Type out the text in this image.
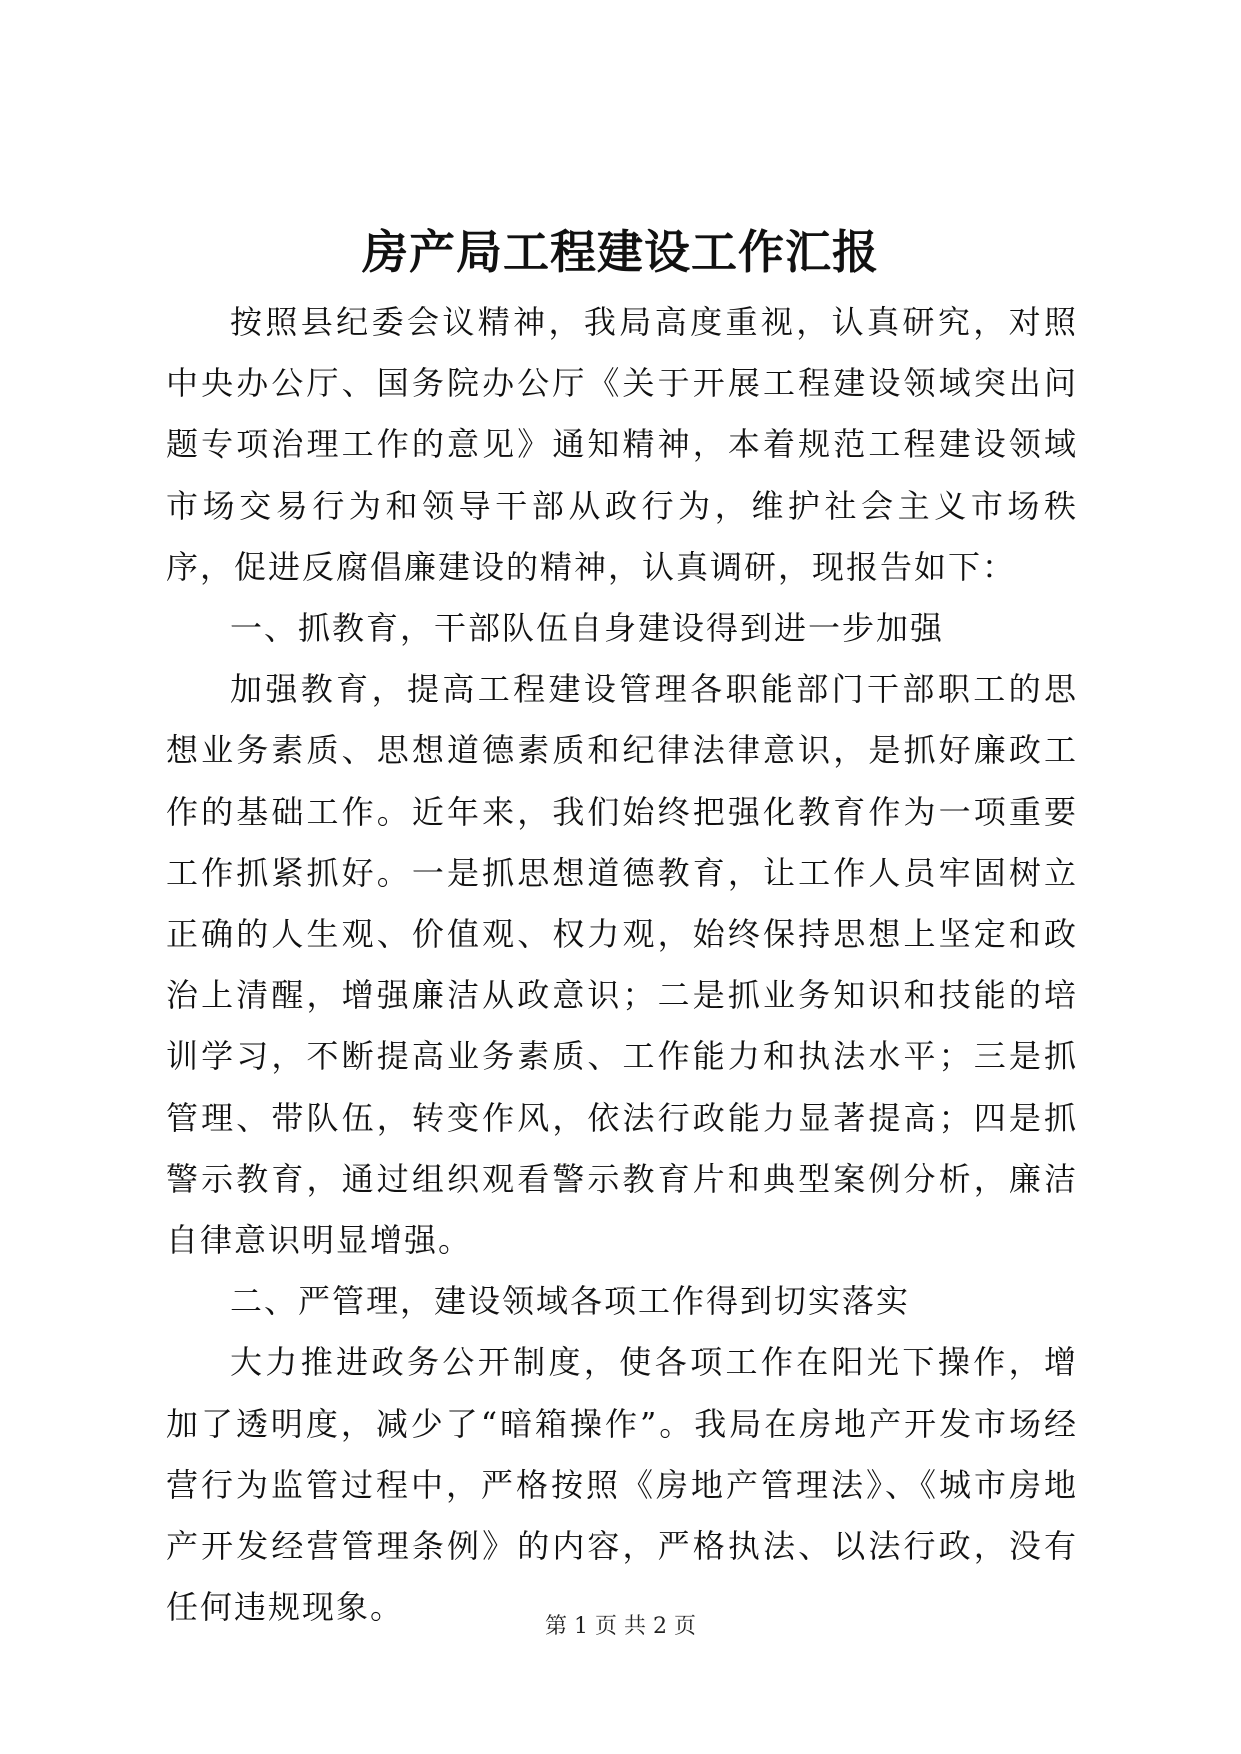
房产局工程建设工作汇报

按照县纪委会议精神，我局高度重视，认真研究，对照中央办公厅、国务院办公厅《关于开展工程建设领域突出问题专项治理工作的意见》通知精神，本着规范工程建设领域市场交易行为和领导干部从政行为，维护社会主义市场秩序，促进反腐倡廉建设的精神，认真调研，现报告如下：

一、抓教育，干部队伍自身建设得到进一步加强

加强教育，提高工程建设管理各职能部门干部职工的思想业务素质、思想道德素质和纪律法律意识，是抓好廉政工作的基础工作。近年来，我们始终把强化教育作为一项重要工作抓紧抓好。一是抓思想道德教育，让工作人员牢固树立正确的人生观、价值观、权力观，始终保持思想上坚定和政治上清醒，增强廉洁从政意识；二是抓业务知识和技能的培训学习，不断提高业务素质、工作能力和执法水平；三是抓管理、带队伍，转变作风，依法行政能力显著提高；四是抓警示教育，通过组织观看警示教育片和典型案例分析，廉洁自律意识明显增强。

二、严管理，建设领域各项工作得到切实落实

大力推进政务公开制度，使各项工作在阳光下操作，增加了透明度，减少了“暗箱操作”。我局在房地产开发市场经营行为监管过程中，严格按照《房地产管理法》、《城市房地产开发经营管理条例》的内容，严格执法、以法行政，没有任何违规现象。

第 1 页 共 2 页
